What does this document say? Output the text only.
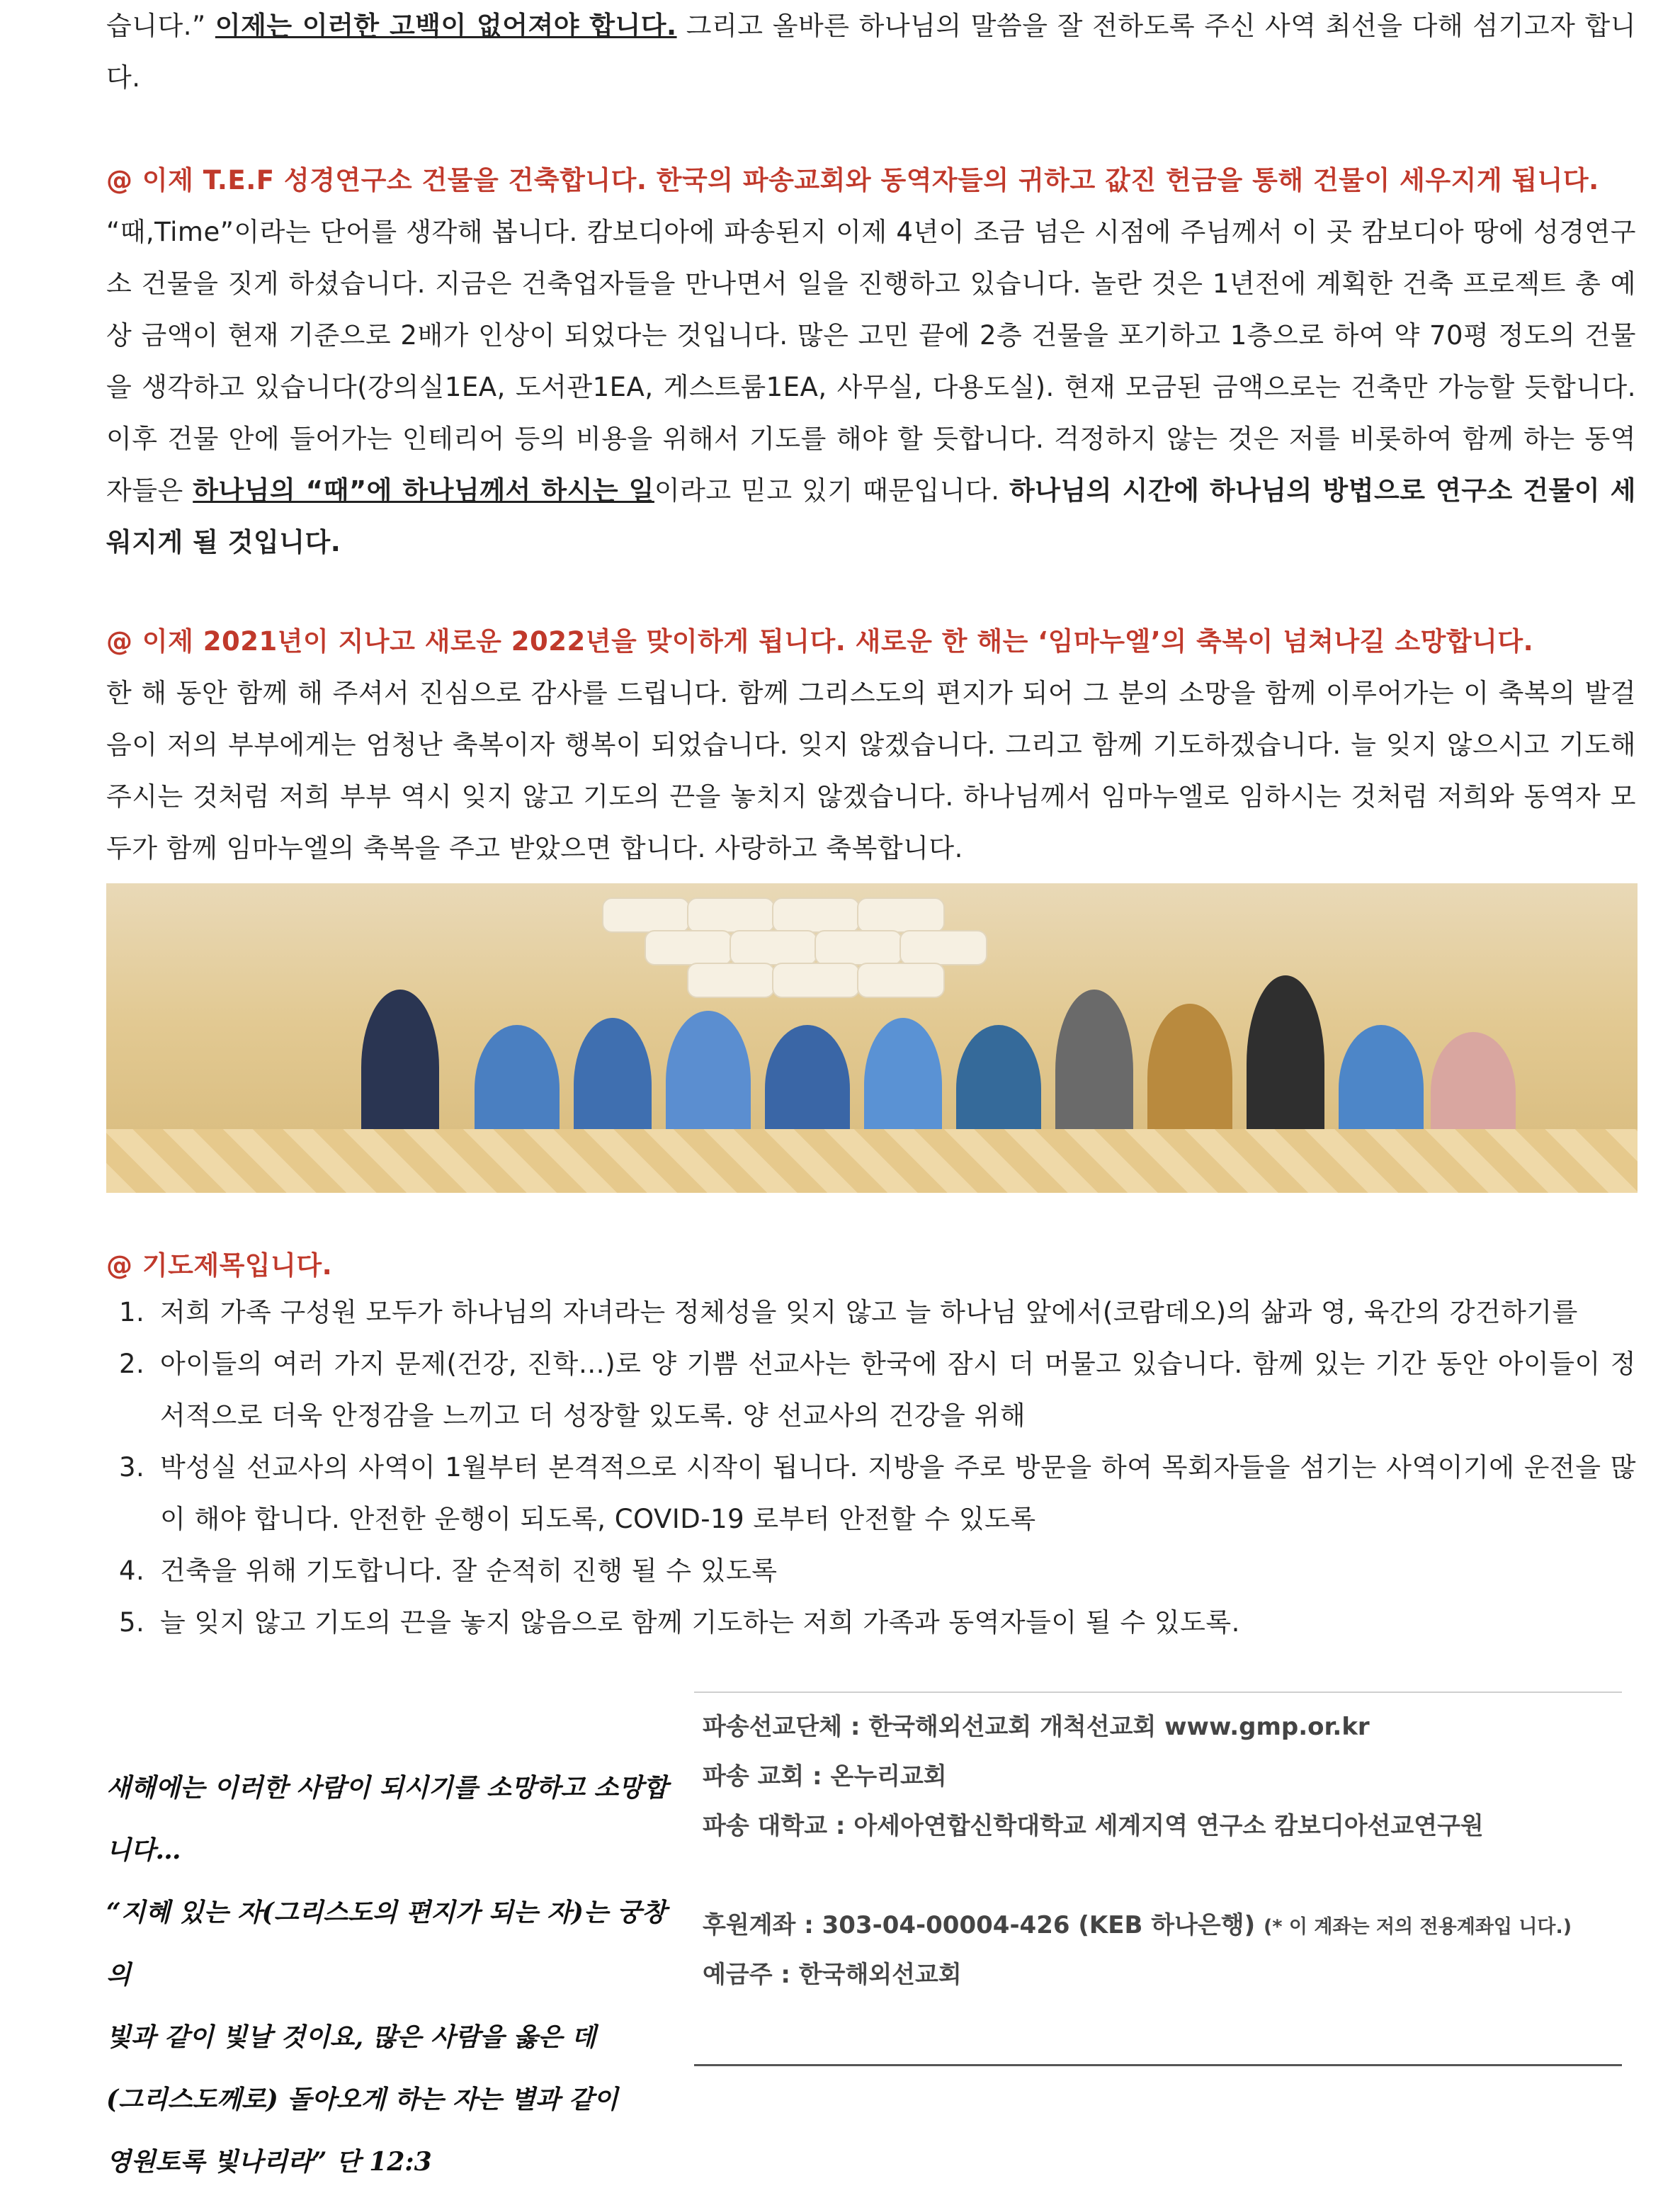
습니다.” 이제는 이러한 고백이 없어져야 합니다. 그리고 올바른 하나님의 말씀을 잘 전하도록 주신 사역 최선을 다해 섬기고자 합니다.

@ 이제 T.E.F 성경연구소 건물을 건축합니다. 한국의 파송교회와 동역자들의 귀하고 값진 헌금을 통해 건물이 세우지게 됩니다.

“때,Time”이라는 단어를 생각해 봅니다. 캄보디아에 파송된지 이제 4년이 조금 넘은 시점에 주님께서 이 곳 캄보디아 땅에 성경연구소 건물을 짓게 하셨습니다. 지금은 건축업자들을 만나면서 일을 진행하고 있습니다. 놀란 것은 1년전에 계획한 건축 프로젝트 총 예상 금액이 현재 기준으로 2배가 인상이 되었다는 것입니다. 많은 고민 끝에 2층 건물을 포기하고 1층으로 하여 약 70평 정도의 건물을 생각하고 있습니다(강의실1EA, 도서관1EA, 게스트룸1EA, 사무실, 다용도실). 현재 모금된 금액으로는 건축만 가능할 듯합니다. 이후 건물 안에 들어가는 인테리어 등의 비용을 위해서 기도를 해야 할 듯합니다. 걱정하지 않는 것은 저를 비롯하여 함께 하는 동역자들은 하나님의 “때”에 하나님께서 하시는 일이라고 믿고 있기 때문입니다. 하나님의 시간에 하나님의 방법으로 연구소 건물이 세워지게 될 것입니다.

@ 이제 2021년이 지나고 새로운 2022년을 맞이하게 됩니다. 새로운 한 해는 ‘임마누엘’의 축복이 넘쳐나길 소망합니다.

한 해 동안 함께 해 주셔서 진심으로 감사를 드립니다. 함께 그리스도의 편지가 되어 그 분의 소망을 함께 이루어가는 이 축복의 발걸음이 저의 부부에게는 엄청난 축복이자 행복이 되었습니다. 잊지 않겠습니다. 그리고 함께 기도하겠습니다. 늘 잊지 않으시고 기도해주시는 것처럼 저희 부부 역시 잊지 않고 기도의 끈을 놓치지 않겠습니다. 하나님께서 임마누엘로 임하시는 것처럼 저희와 동역자 모두가 함께 임마누엘의 축복을 주고 받았으면 합니다. 사랑하고 축복합니다.

@ 기도제목입니다.

1. 저희 가족 구성원 모두가 하나님의 자녀라는 정체성을 잊지 않고 늘 하나님 앞에서(코람데오)의 삶과 영, 육간의 강건하기를
2. 아이들의 여러 가지 문제(건강, 진학…)로 양 기쁨 선교사는 한국에 잠시 더 머물고 있습니다. 함께 있는 기간 동안 아이들이 정서적으로 더욱 안정감을 느끼고 더 성장할 있도록. 양 선교사의 건강을 위해
3. 박성실 선교사의 사역이 1월부터 본격적으로 시작이 됩니다. 지방을 주로 방문을 하여 목회자들을 섬기는 사역이기에 운전을 많이 해야 합니다. 안전한 운행이 되도록, COVID-19 로부터 안전할 수 있도록
4. 건축을 위해 기도합니다. 잘 순적히 진행 될 수 있도록
5. 늘 잊지 않고 기도의 끈을 놓지 않음으로 함께 기도하는 저희 가족과 동역자들이 될 수 있도록.
새해에는 이러한 사람이 되시기를 소망하고 소망합니다…
“지혜 있는 자(그리스도의 편지가 되는 자)는 궁창의
빛과 같이 빛날 것이요, 많은 사람을 옳은 데
(그리스도께로) 돌아오게 하는 자는 별과 같이
영원토록 빛나리라” 단 12:3
파송선교단체 : 한국해외선교회 개척선교회 www.gmp.or.kr
파송 교회 : 온누리교회
파송 대학교 : 아세아연합신학대학교 세계지역 연구소 캄보디아선교연구원
후원계좌 : 303-04-00004-426 (KEB 하나은행) (* 이 계좌는 저의 전용계좌입 니다.)
예금주 : 한국해외선교회
